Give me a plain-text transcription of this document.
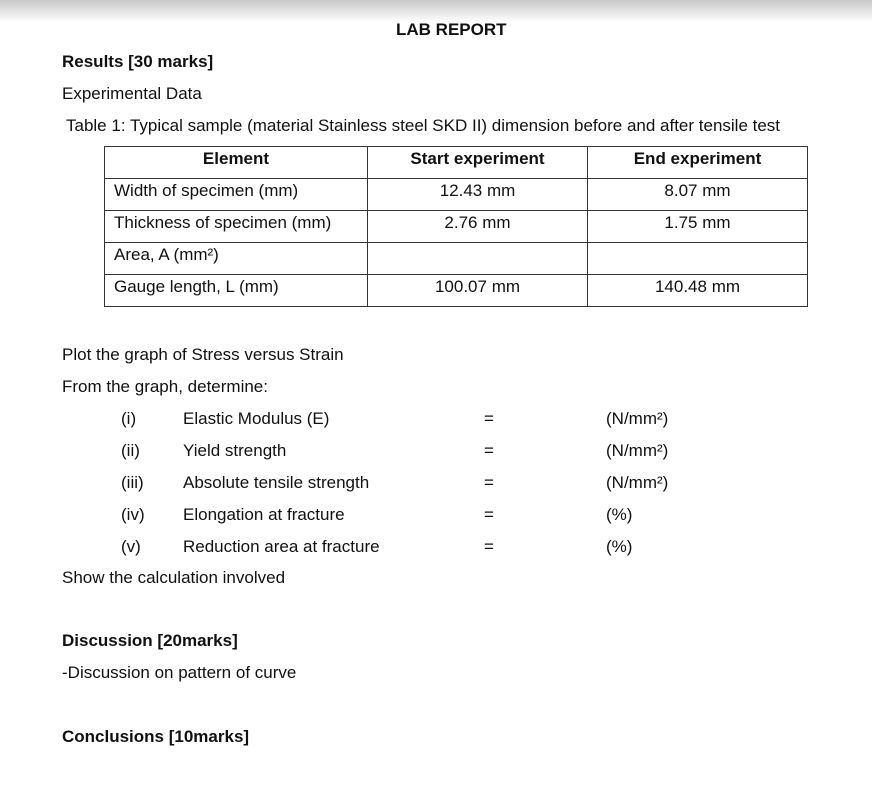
LAB REPORT
Results [30 marks]
Experimental Data
Table 1: Typical sample (material Stainless steel SKD II) dimension before and after tensile test
Element	Start experiment	End experiment
Width of specimen (mm)	12.43 mm	8.07 mm
Thickness of specimen (mm)	2.76 mm	1.75 mm
Area, A (mm²)		
Gauge length, L (mm)	100.07 mm	140.48 mm
Plot the graph of Stress versus Strain
From the graph, determine:
(i)	Elastic Modulus (E)	=	(N/mm²)
(ii)	Yield strength	=	(N/mm²)
(iii) Absolute tensile strength	=	(N/mm²)
(iv) Elongation at fracture	=	(%)
(v) Reduction area at fracture	=	(%)
Show the calculation involved
Discussion [20marks]
-Discussion on pattern of curve
Conclusions [10marks]
